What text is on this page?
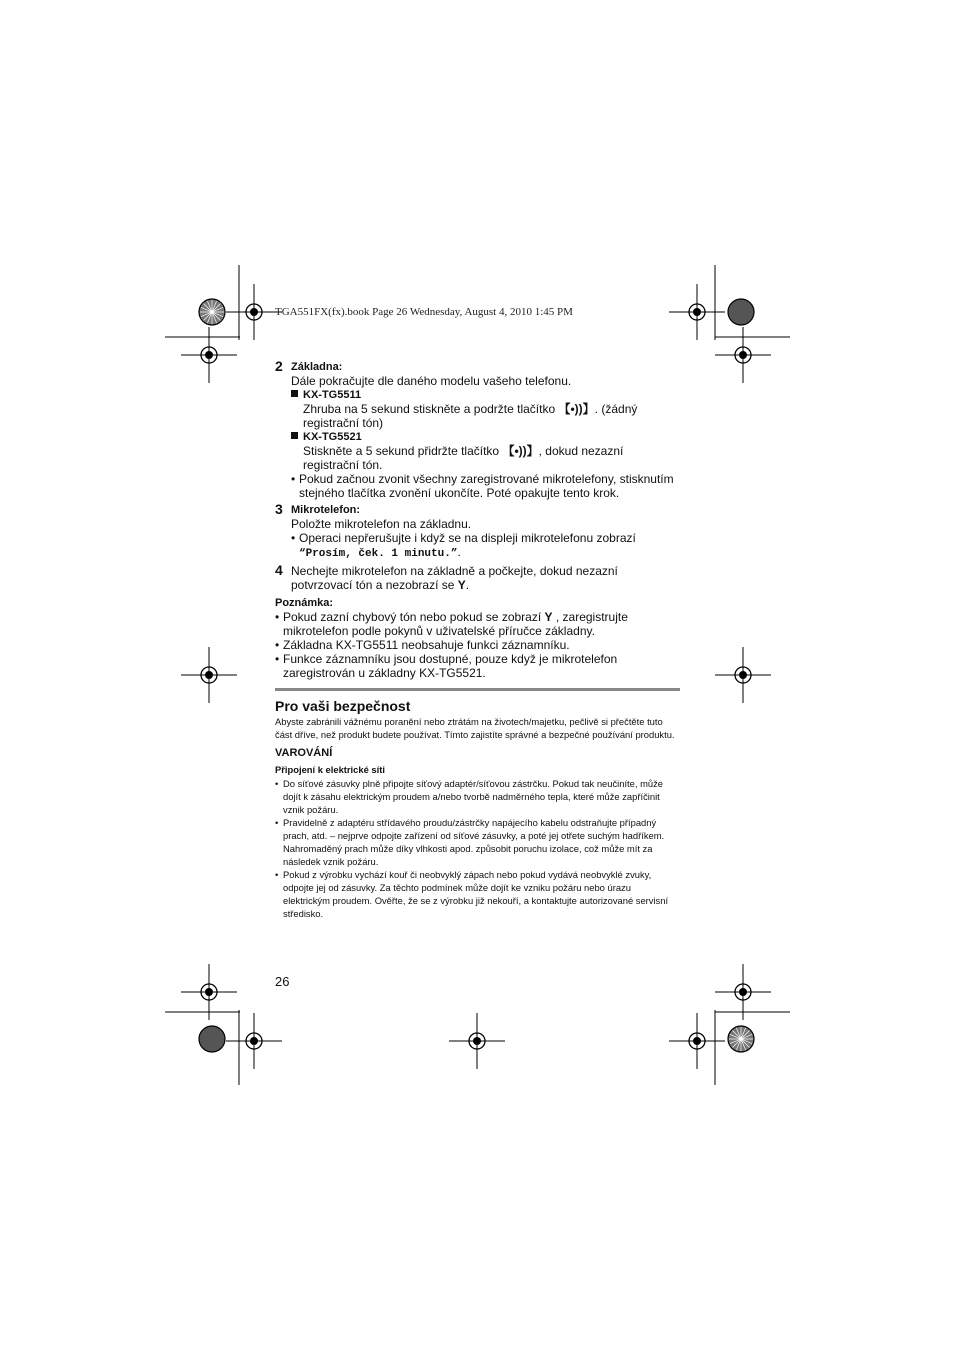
TGA551FX(fx).book Page 26 Wednesday, August 4, 2010 1:45 PM
2 Základna:
Dále pokračujte dle daného modelu vašeho telefonu.
KX-TG5511
Zhruba na 5 sekund stiskněte a podržte tlačítko 【•))】. (žádný registrační tón)
KX-TG5521
Stiskněte a 5 sekund přidržte tlačítko 【•))】, dokud nezazní registrační tón.
• Pokud začnou zvonit všechny zaregistrované mikrotelefony, stisknutím stejného tlačítka zvonění ukončíte. Poté opakujte tento krok.
3 Mikrotelefon:
Položte mikrotelefon na základnu.
• Operaci nepřerušujte i když se na displeji mikrotelefonu zobrazí “Prosím, ček. 1 minutu.”.
4 Nechejte mikrotelefon na základně a počkejte, dokud nezazní potvrzovací tón a nezobrazí se Y.
Poznámka:
• Pokud zazní chybový tón nebo pokud se zobrazí Y , zaregistrujte mikrotelefon podle pokynů v uživatelské příručce základny.
• Základna KX-TG5511 neobsahuje funkci záznamníku.
• Funkce záznamníku jsou dostupné, pouze když je mikrotelefon zaregistrován u základny KX-TG5521.
Pro vaši bezpečnost
Abyste zabránili vážnému poranění nebo ztrátám na životech/majetku, pečlivě si přečtěte tuto část dříve, než produkt budete používat. Tímto zajistíte správné a bezpečné používání produktu.
VAROVÁNÍ
Připojení k elektrické síti
• Do síťové zásuvky plně připojte síťový adaptér/síťovou zástrčku. Pokud tak neučiníte, může dojít k zásahu elektrickým proudem a/nebo tvorbě nadměrného tepla, které může zapříčinit vznik požáru.
• Pravidelně z adaptéru střídavého proudu/zástrčky napájecího kabelu odstraňujte případný prach, atd. – nejprve odpojte zařízení od síťové zásuvky, a poté jej otřete suchým hadříkem. Nahromaděný prach může díky vlhkosti apod. způsobit poruchu izolace, což může mít za následek vznik požáru.
• Pokud z výrobku vychází kouř či neobvyklý zápach nebo pokud vydává neobvyklé zvuky, odpojte jej od zásuvky. Za těchto podmínek může dojít ke vzniku požáru nebo úrazu elektrickým proudem. Ověřte, že se z výrobku již nekouří, a kontaktujte autorizované servisní středisko.
26
